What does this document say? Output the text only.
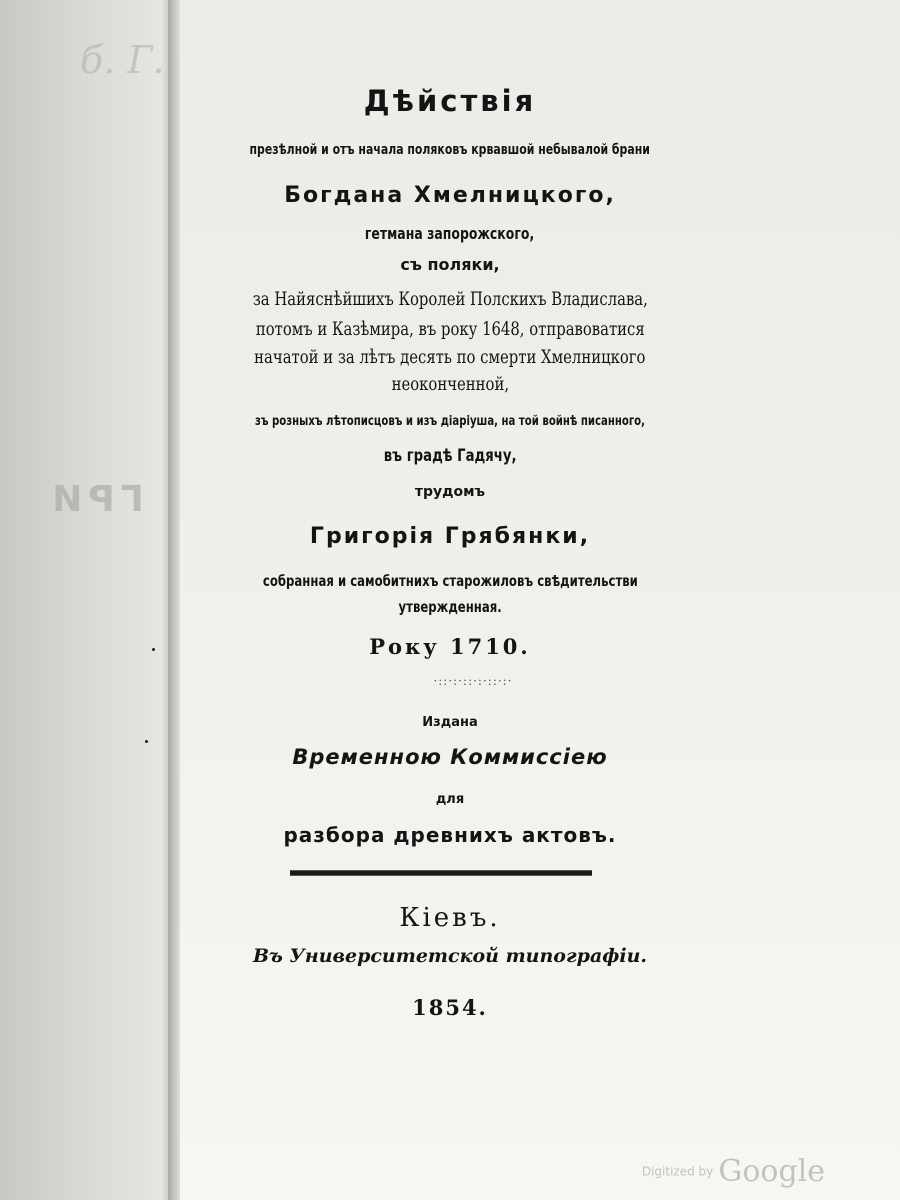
б. Г.
ГРИ
Дѣйствія
презѣлной и отъ начала поляковъ крвавшой небывалой брани
Богдана Хмелницкого,
гетмана запорожского,
съ поляки,
за Найяснѣйшихъ Королей Полскихъ Владислава,
потомъ и Казѣмира, въ року 1648, отправоватися
начатой и за лѣтъ десять по смерти Хмелницкого
неоконченной,
зъ розныхъ лѣтописцовъ и изъ діаріуша, на той войнѣ писанного,
въ градѣ Гадячу,
трудомъ
Григорія Грябянки,
собранная и самобитнихъ старожиловъ свѣдительстви
утвержденная.
Року 1710.
·::·:·::·:·::·:·
Издана
Временною Коммиссіею
для
разбора древнихъ актовъ.
Кіевъ.
Въ Университетской типографіи.
1854.
Digitized by Google
